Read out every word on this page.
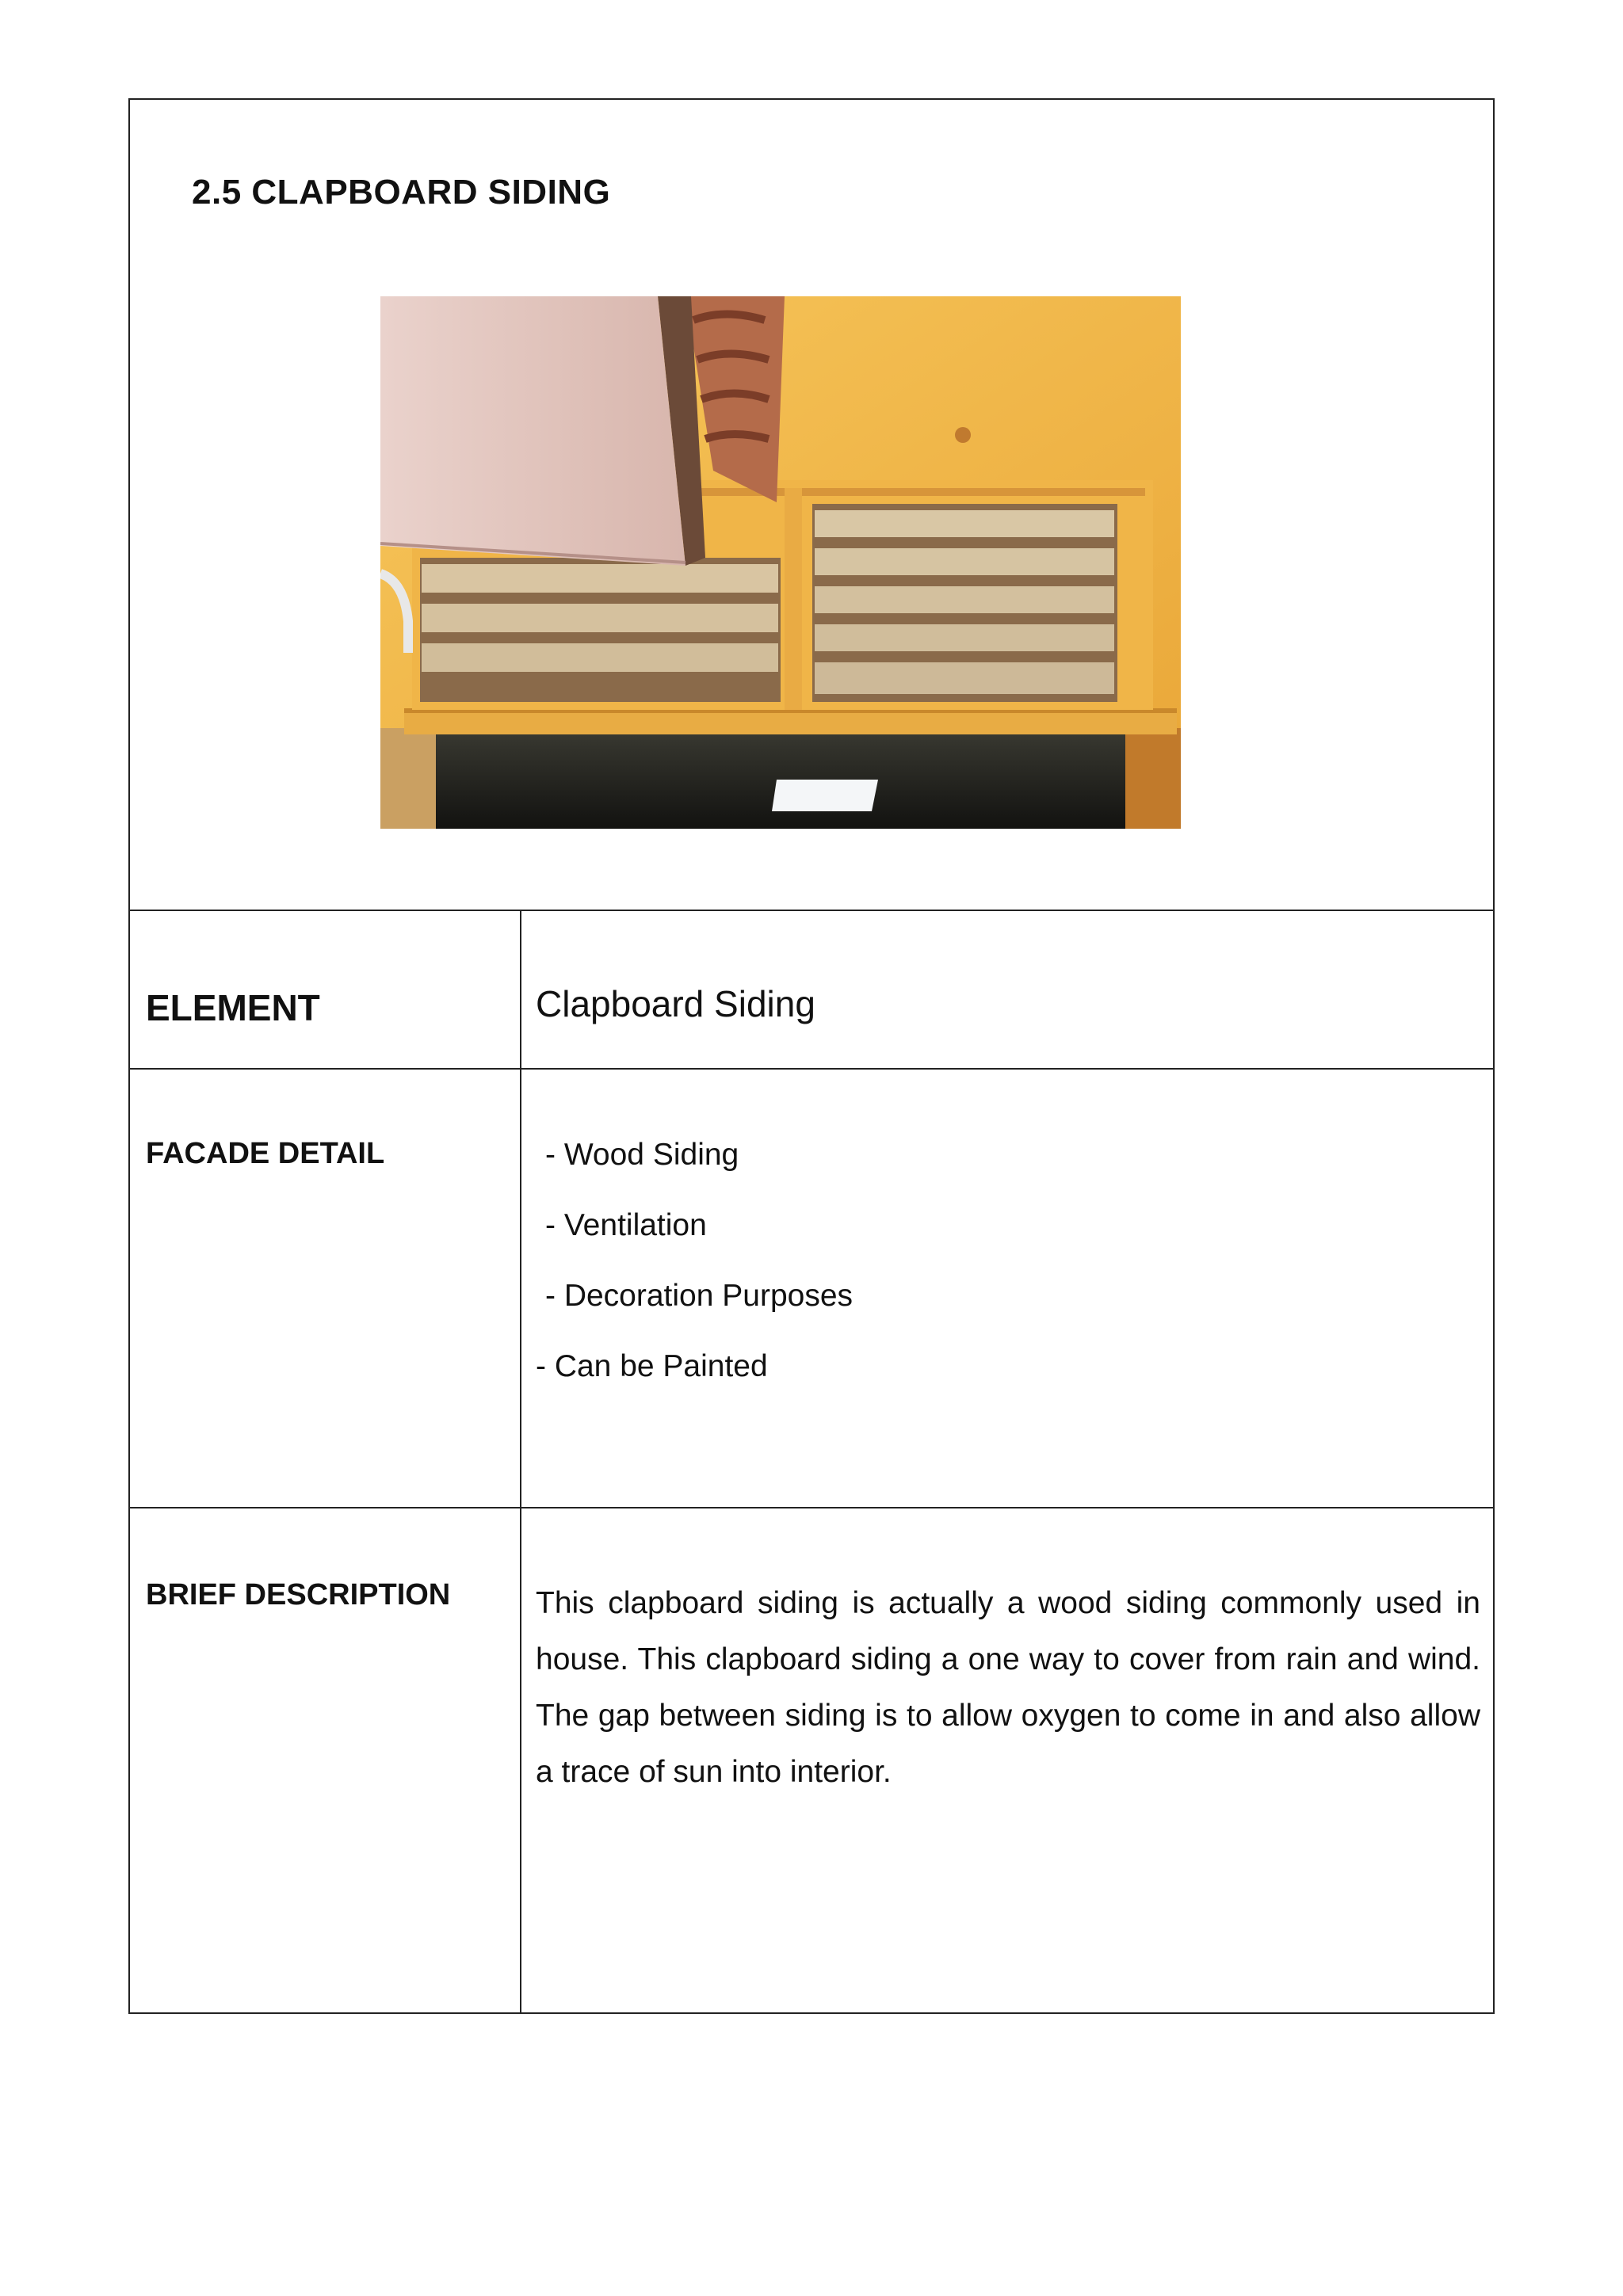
2.5 CLAPBOARD SIDING
ELEMENT	Clapboard Siding
FACADE DETAIL	- Wood Siding
- Ventilation
- Decoration Purposes
- Can be Painted
BRIEF DESCRIPTION	This clapboard siding is actually a wood siding commonly used in house. This clapboard siding a one way to cover from rain and wind. The gap between siding is to allow oxygen to come in and also allow a trace of sun into interior.
